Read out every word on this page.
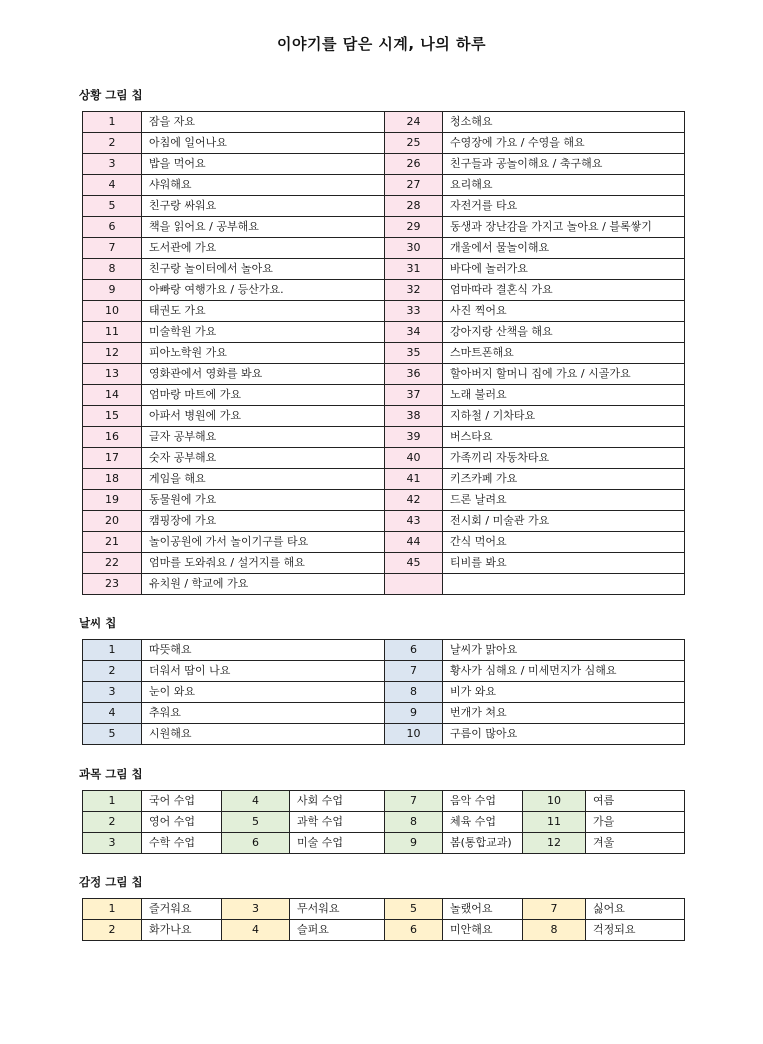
이야기를 담은 시계, 나의 하루
상황 그림 칩
1	잠을 자요	24	청소해요
2	아침에 일어나요	25	수영장에 가요 / 수영을 해요
3	밥을 먹어요	26	친구들과 공놀이해요 / 축구해요
4	샤워해요	27	요리해요
5	친구랑 싸워요	28	자전거를 타요
6	책을 읽어요 / 공부해요	29	동생과 장난감을 가지고 놀아요 / 블록쌓기
7	도서관에 가요	30	개울에서 물놀이해요
8	친구랑 놀이터에서 놀아요	31	바다에 놀러가요
9	아빠랑 여행가요 / 등산가요.	32	엄마따라 결혼식 가요
10	태권도 가요	33	사진 찍어요
11	미술학원 가요	34	강아지랑 산책을 해요
12	피아노학원 가요	35	스마트폰해요
13	영화관에서 영화를 봐요	36	할아버지 할머니 집에 가요 / 시골가요
14	엄마랑 마트에 가요	37	노래 불러요
15	아파서 병원에 가요	38	지하철 / 기차타요
16	글자 공부해요	39	버스타요
17	숫자 공부해요	40	가족끼리 자동차타요
18	게임을 해요	41	키즈카페 가요
19	동물원에 가요	42	드론 날려요
20	캠핑장에 가요	43	전시회 / 미술관 가요
21	놀이공원에 가서 놀이기구를 타요	44	간식 먹어요
22	엄마를 도와줘요 / 설거지를 해요	45	티비를 봐요
23	유치원 / 학교에 가요		
날씨 칩
1	따뜻해요	6	날씨가 맑아요
2	더워서 땀이 나요	7	황사가 심해요 / 미세먼지가 심해요
3	눈이 와요	8	비가 와요
4	추워요	9	번개가 쳐요
5	시원해요	10	구름이 많아요
과목 그림 칩
1	국어 수업	4	사회 수업	7	음악 수업	10	여름
2	영어 수업	5	과학 수업	8	체육 수업	11	가을
3	수학 수업	6	미술 수업	9	봄(통합교과)	12	겨울
감정 그림 칩
1	즐거워요	3	무서워요	5	놀랬어요	7	싫어요
2	화가나요	4	슬퍼요	6	미안해요	8	걱정되요
